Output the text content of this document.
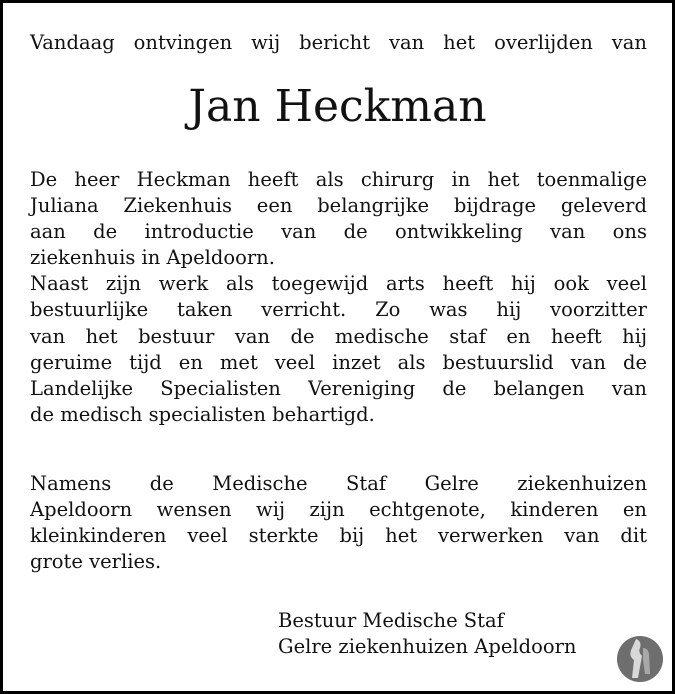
Vandaag ontvingen wij bericht van het overlijden van
Jan Heckman
De heer Heckman heeft als chirurg in het toenmalige
Juliana Ziekenhuis een belangrijke bijdrage geleverd
aan de introductie van de ontwikkeling van ons
ziekenhuis in Apeldoorn.
Naast zijn werk als toegewijd arts heeft hij ook veel
bestuurlijke taken verricht. Zo was hij voorzitter
van het bestuur van de medische staf en heeft hij
geruime tijd en met veel inzet als bestuurslid van de
Landelijke Specialisten Vereniging de belangen van
de medisch specialisten behartigd.
Namens de Medische Staf Gelre ziekenhuizen
Apeldoorn wensen wij zijn echtgenote, kinderen en
kleinkinderen veel sterkte bij het verwerken van dit
grote verlies.
Bestuur Medische Staf
Gelre ziekenhuizen Apeldoorn
